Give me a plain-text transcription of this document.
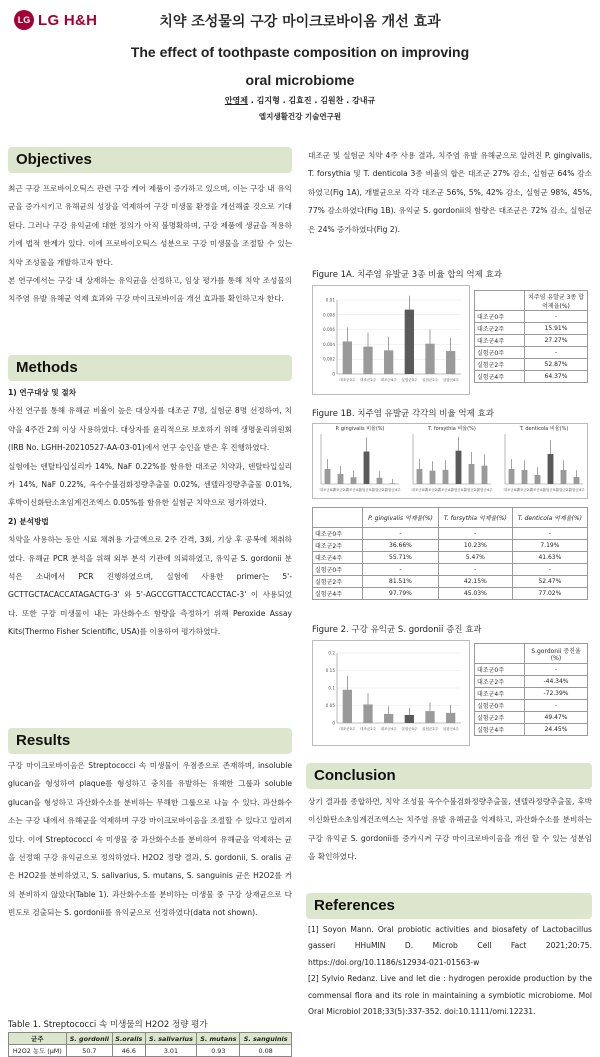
LG LG H&H	치약 조성물의 구강 마이크로바이옴 개선 효과
The effect of toothpaste composition on improving
oral microbiome
안영제 . 김지형 . 김효진 . 김원찬 . 강내규
엘지생활건강 기술연구원
Objectives

최근 구강 프로바이오틱스 관련 구강 케어 제품이 증가하고 있으며, 이는 구강 내 유익균을 증가시키고 유해균의 성장을 억제하여 구강 미생물 환경을 개선해줄 것으로 기대된다. 그러나 구강 유익균에 대한 정의가 아직 불명확하며, 구강 제품에 생균을 적용하기에 법적 한계가 있다. 이에 프로바이오틱스 성분으로 구강 미생물을 조절할 수 있는 치약 조성물을 개발하고자 한다.

본 연구에서는 구강 내 상재하는 유익균을 선정하고, 임상 평가를 통해 치약 조성물의 치주염 유발 유해균 억제 효과와 구강 마이크로바이옴 개선 효과를 확인하고자 한다.

Methods

1) 연구대상 및 절차

사전 연구를 통해 유해균 비율이 높은 대상자를 대조군 7명, 실험군 8명 선정하여, 치약을 4주간 2회 이상 사용하였다. 대상자를 윤리적으로 보호하기 위해 생명윤리위원회(IRB No. LGHH-20210527-AA-03-01)에서 연구 승인을 받은 후 진행하였다.

실험에는 덴탈타입실리카 14%, NaF 0.22%를 함유한 대조군 치약과, 덴탈타입실리카 14%, NaF 0.22%, 옥수수불검화정량추출물 0.02%, 센텔라정량추출물 0.01%, 후박이신화탄소초임계건조엑스 0.05%를 함유한 실험군 치약으로 평가하였다.

2) 분석방법

치약을 사용하는 동안 시료 채취용 가글액으로 2주 간격, 3회, 기상 후 공복에 채취하였다. 유해균 PCR 분석을 위해 외부 분석 기관에 의뢰하였고, 유익균 S. gordonii 분석은 소내에서 PCR 진행하였으며, 실험에 사용한 primer는 5'-GCTTGCTACACCATAGACTG-3' 와 5'-AGCCGTTACCTCACCTAC-3' 이 사용되었다. 또한 구강 미생물이 내는 과산화수소 함량을 측정하기 위해 Peroxide Assay Kits(Thermo Fisher Scientific, USA)를 이용하여 평가하였다.

Results
구강 마이크로바이옴은 Streptococci 속 미생물이 우점종으로 존재하며, insoluble glucan을 형성하여 plaque를 형성하고 충치를 유발하는 유해한 그룹과 soluble glucan을 형성하고 과산화수소를 분비하는 무해한 그룹으로 나눌 수 있다. 과산화수소는 구강 내에서 유해균을 억제하며 구강 마이크로바이옴을 조절할 수 있다고 알려져 있다. 이에 Streptococci 속 미생물 중 과산화수소를 분비하여 유해균을 억제하는 균을 선정해 구강 유익균으로 정의하였다. H2O2 정량 결과, S. gordonii, S. oralis 균은 H2O2를 분비하였고, S. salivarius, S. mutans, S. sanguinis 균은 H2O2를 거의 분비하지 않았다(Table 1). 과산화수소를 분비하는 미생물 중 구강 상재균으로 다빈도로 검출되는 S. gordonii를 유익균으로 선정하였다(data not shown).
Table 1. Streptococci 속 미생물의 H2O2 정량 평가
균주	S. gordonii	S.oralis	S. salivarius	S. mutans	S. sanguinis
H2O2 농도 (μM)	50.7	46.6	3.01	0.93	0.08
대조군 및 실험군 치약 4주 사용 결과, 치주염 유발 유해균으로 알려진 P. gingivalis, T. forsythia 및 T. denticola 3종 비율의 합은 대조군 27% 감소, 실험군 64% 감소하였고(Fig 1A), 개별균으로 각각 대조군 56%, 5%, 42% 감소, 실험군 98%, 45%, 77% 감소하였다(Fig 1B). 유익균 S. gordonii의 함량은 대조군은 72% 감소, 실험군은 24% 증가하였다(Fig 2).
Figure 1A. 치주염 유발균 3종 비율 합의 억제 효과
0.01
0.008
0.006
0.004
0.002
0
대조군0주 대조군2주 대조군4주 실험군0주 실험군2주 실험군4주
	치주염 유발균 3종 합 억제율(%)
대조군0주	-
대조군2주	15.91%
대조군4주	27.27%
실험군0주	-
실험군2주	52.87%
실험군4주	64.37%
Figure 1B. 치주염 유발균 각각의 비율 억제 효과
P. gingivalis 비율(%)
대조군0주
대조군2주
대조군4주
실험군0주
실험군2주
실험군4주
T. forsythia 비율(%)
대조군0주
대조군2주
대조군4주
실험군0주
실험군2주
실험군4주
T. denticola 비율(%)
대조군0주
대조군2주
대조군4주
실험군0주
실험군2주
실험군4주
	P. gingivalis 억제율(%)	T. forsythia 억제율(%)	T. denticola 억제율(%)
대조군0주	-	-	-
대조군2주	36.66%	10.23%	7.19%
대조군4주	55.71%	5.47%	41.63%
실험군0주	-	-	-
실험군2주	81.51%	42.15%	52.47%
실험군4주	97.79%	45.03%	77.02%
Figure 2. 구강 유익균 S. gordonii 증진 효과
0.2
0.15
0.1
0.05
0
대조군0주 대조군2주 대조군4주 실험군0주 실험군2주 실험군4주
	S.gordonii 증진율(%)
대조군0주	-
대조군2주	-44.34%
대조군4주	-72.39%
실험군0주	-
실험군2주	49.47%
실험군4주	24.45%
Conclusion
상기 결과를 종합하면, 치약 조성물 옥수수불검화정량추출물, 센텔라정량추출물, 후박이신화탄소초임계건조엑스는 치주염 유발 유해균을 억제하고, 과산화수소를 분비하는 구강 유익균 S. gordonii를 증가시켜 구강 마이크로바이옴을 개선 할 수 있는 성분임을 확인하였다.
References

[1] Soyon Mann. Oral probiotic activities and biosafety of Lactobacillus gasseri HHuMIN D. Microb Cell Fact 2021;20:75. https://doi.org/10.1186/s12934-021-01563-w

[2] Sylvio Redanz. Live and let die : hydrogen peroxide production by the commensal flora and its role in maintaining a symbiotic microbiome. Mol Oral Microbiol 2018;33(5):337-352. doi:10.1111/omi.12231.
